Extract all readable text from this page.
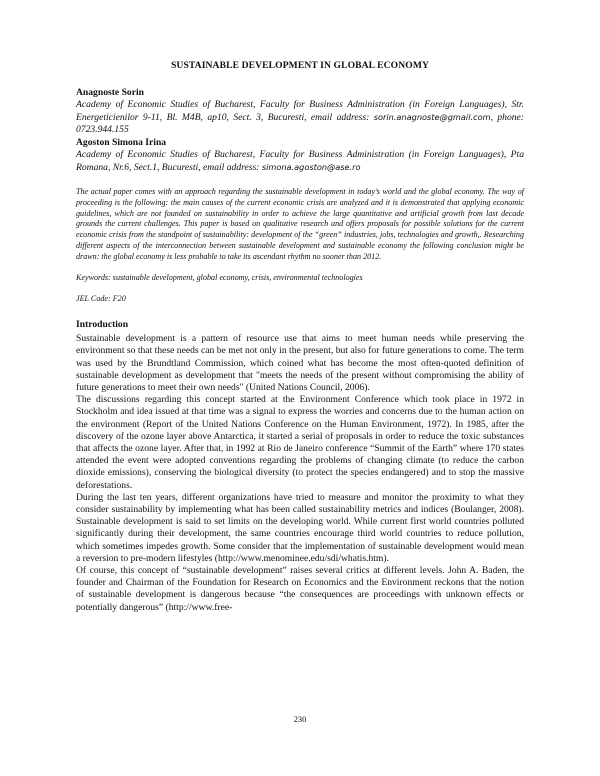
SUSTAINABLE DEVELOPMENT IN GLOBAL ECONOMY

Anagnoste Sorin

Academy of Economic Studies of Bucharest, Faculty for Business Administration (in Foreign Languages), Str. Energeticienilor 9-11, Bl. M4B, ap10, Sect. 3, Bucuresti, email address: sorin.anagnoste@gmail.com, phone: 0723.944.155

Agoston Simona Irina

Academy of Economic Studies of Bucharest, Faculty for Business Administration (in Foreign Languages), Pta Romana, Nr.6, Sect.1, Bucuresti, email address: simona.agoston@ase.ro

The actual paper comes with an approach regarding the sustainable development in today’s world and the global economy. The way of proceeding is the following: the main causes of the current economic crisis are analyzed and it is demonstrated that applying economic guidelines, which are not founded on sustainability in order to achieve the large quantitative and artificial growth from last decade grounds the current challenges. This paper is based on qualitative research and offers proposals for possible solutions for the current economic crisis from the standpoint of sustainability: development of the “green” industries, jobs, technologies and growth,. Researching different aspects of the interconnection between sustainable development and sustainable economy the following conclusion might be drawn: the global economy is less probable to take its ascendant rhythm no sooner than 2012.

Keywords: sustainable development, global economy, crisis, environmental technologies

JEL Code: F20

Introduction

Sustainable development is a pattern of resource use that aims to meet human needs while preserving the environment so that these needs can be met not only in the present, but also for future generations to come. The term was used by the Brundtland Commission, which coined what has become the most often-quoted definition of sustainable development as development that "meets the needs of the present without compromising the ability of future generations to meet their own needs" (United Nations Council, 2006).

The discussions regarding this concept started at the Environment Conference which took place in 1972 in Stockholm and idea issued at that time was a signal to express the worries and concerns due to the human action on the environment (Report of the United Nations Conference on the Human Environment, 1972). In 1985, after the discovery of the ozone layer above Antarctica, it started a serial of proposals in order to reduce the toxic substances that affects the ozone layer. After that, in 1992 at Rio de Janeiro conference “Summit of the Earth” where 170 states attended the event were adopted conventions regarding the problems of changing climate (to reduce the carbon dioxide emissions), conserving the biological diversity (to protect the species endangered) and to stop the massive deforestations.

During the last ten years, different organizations have tried to measure and monitor the proximity to what they consider sustainability by implementing what has been called sustainability metrics and indices (Boulanger, 2008). Sustainable development is said to set limits on the developing world. While current first world countries polluted significantly during their development, the same countries encourage third world countries to reduce pollution, which sometimes impedes growth. Some consider that the implementation of sustainable development would mean a reversion to pre-modern lifestyles (http://www.menominee.edu/sdi/whatis.htm).

Of course, this concept of “sustainable development” raises several critics at different levels. John A. Baden, the founder and Chairman of the Foundation for Research on Economics and the Environment reckons that the notion of sustainable development is dangerous because “the consequences are proceedings with unknown effects or potentially dangerous” (http://www.free-

230
